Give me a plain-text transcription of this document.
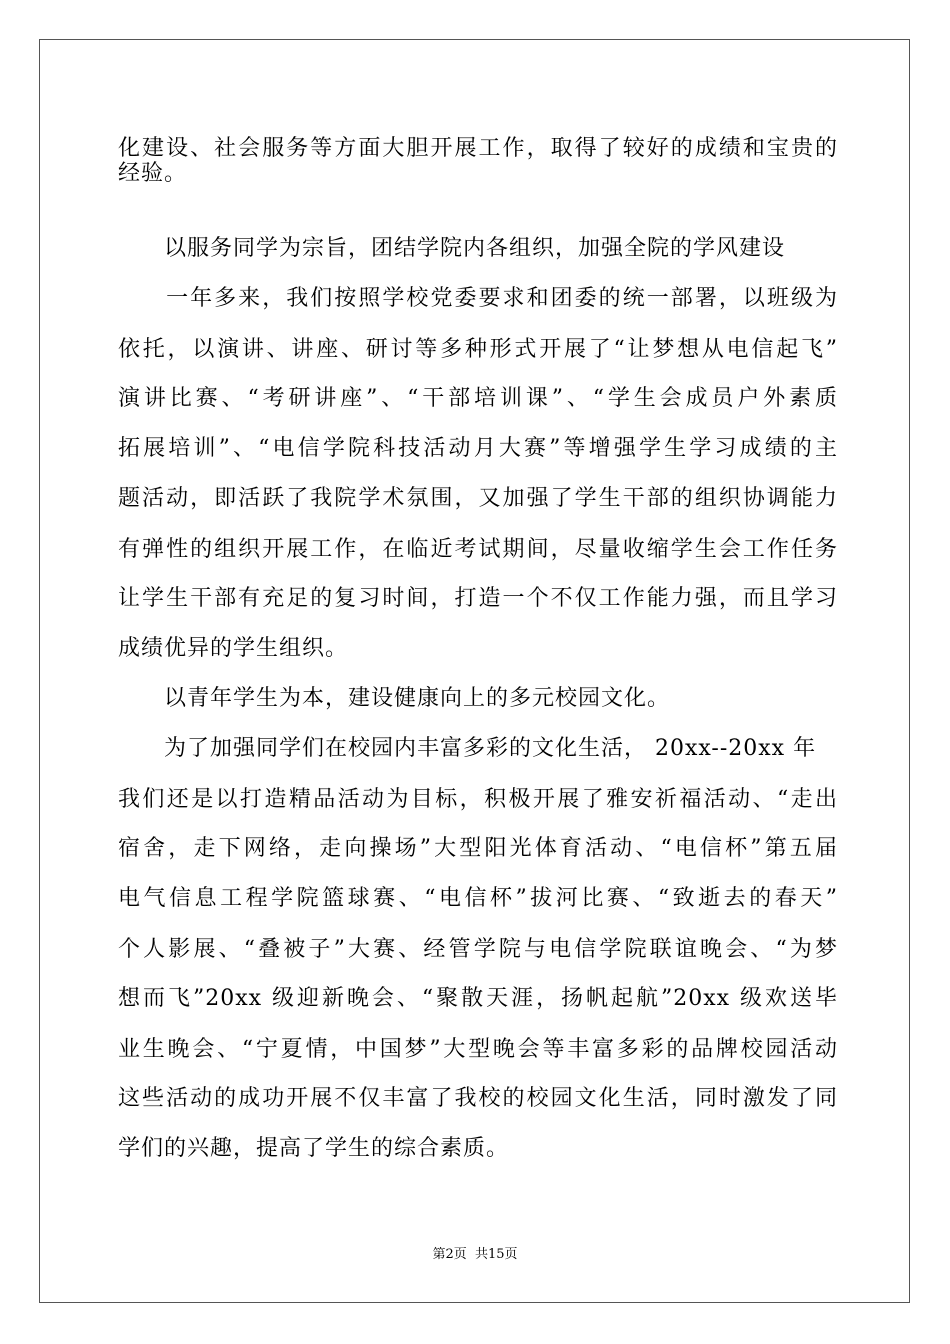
化建设、社会服务等方面大胆开展工作，取得了较好的成绩和宝贵的
经验。
　　以服务同学为宗旨，团结学院内各组织，加强全院的学风建设
　　一年多来，我们按照学校党委要求和团委的统一部署，以班级为
依托，以演讲、讲座、研讨等多种形式开展了“让梦想从电信起飞”
演讲比赛、“考研讲座”、“干部培训课”、“学生会成员户外素质
拓展培训”、“电信学院科技活动月大赛”等增强学生学习成绩的主
题活动，即活跃了我院学术氛围，又加强了学生干部的组织协调能力
有弹性的组织开展工作，在临近考试期间，尽量收缩学生会工作任务
让学生干部有充足的复习时间，打造一个不仅工作能力强，而且学习
成绩优异的学生组织。
　　以青年学生为本，建设健康向上的多元校园文化。
　　为了加强同学们在校园内丰富多彩的文化生活， 20xx--20xx 年
我们还是以打造精品活动为目标，积极开展了雅安祈福活动、“走出
宿舍，走下网络，走向操场”大型阳光体育活动、“电信杯”第五届
电气信息工程学院篮球赛、“电信杯”拔河比赛、“致逝去的春天”
个人影展、“叠被子”大赛、经管学院与电信学院联谊晚会、“为梦
想而飞”20xx 级迎新晚会、“聚散天涯，扬帆起航”20xx 级欢送毕
业生晚会、“宁夏情，中国梦”大型晚会等丰富多彩的品牌校园活动
这些活动的成功开展不仅丰富了我校的校园文化生活，同时激发了同
学们的兴趣，提高了学生的综合素质。
第2页 共15页
